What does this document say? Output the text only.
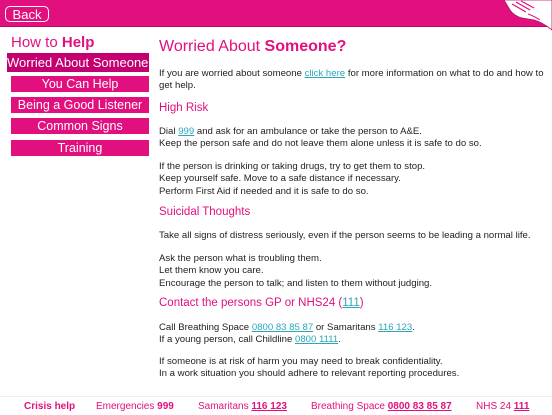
Back
How to Help
Worried About Someone?
You Can Help
Being a Good Listener
Common Signs
Training
Worried About Someone?
If you are worried about someone click here for more information on what to do and how to get help.
High Risk
Dial 999 and ask for an ambulance or take the person to A&E.
Keep the person safe and do not leave them alone unless it is safe to do so.
If the person is drinking or taking drugs, try to get them to stop.
Keep yourself safe. Move to a safe distance if necessary.
Perform First Aid if needed and it is safe to do so.
Suicidal Thoughts
Take all signs of distress seriously, even if the person seems to be leading a normal life.
Ask the person what is troubling them.
Let them know you care.
Encourage the person to talk; and listen to them without judging.
Contact the persons GP or NHS24 (111)
Call Breathing Space 0800 83 85 87 or Samaritans 116 123.
If a young person, call Childline 0800 1111.
If someone is at risk of harm you may need to break confidentiality.
In a work situation you should adhere to relevant reporting procedures.
Crisis help Emergencies 999 Samaritans 116 123 Breathing Space 0800 83 85 87 NHS 24 111
